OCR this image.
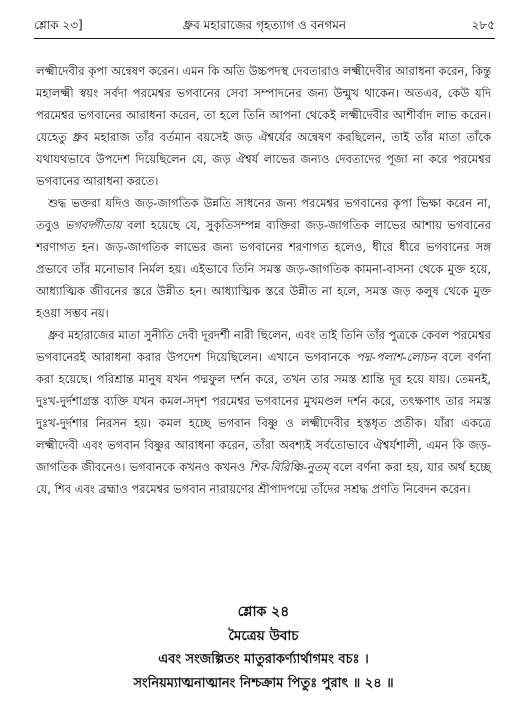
শ্লোক ২৩]	ধ্রুব মহারাজের গৃহত্যাগ ও বনগমন	২৮৫

লক্ষ্মীদেবীর কৃপা অন্বেষণ করেন। এমন কি অতি উচ্চপদস্থ দেবতারাও লক্ষ্মীদেবীর আরাধনা করেন, কিন্তু মহালক্ষ্মী স্বয়ং সর্বদা পরমেশ্বর ভগবানের সেবা সম্পাদনের জন্য উন্মুখ থাকেন। অতএব, কেউ যদি পরমেশ্বর ভগবানের আরাধনা করেন, তা হলে তিনি আপনা থেকেই লক্ষ্মীদেবীর আশীর্বাদ লাভ করেন। যেহেতু ধ্রুব মহারাজ তাঁর বর্তমান বয়সেই জড় ঐশ্বর্যের অন্বেষণ করছিলেন, তাই তাঁর মাতা তাঁকে যথাযথভাবে উপদেশ দিয়েছিলেন যে, জড় ঐশ্বর্য লাভের জন্যও দেবতাদের পূজা না করে পরমেশ্বর ভগবানের আরাধনা করতে।

শুদ্ধ ভক্তরা যদিও জড়-জাগতিক উন্নতি সাধনের জন্য পরমেশ্বর ভগবানের কৃপা ভিক্ষা করেন না, তবুও ভগবদ্গীতায় বলা হয়েছে যে, সুকৃতিসম্পন্ন ব্যক্তিরা জড়-জাগতিক লাভের আশায় ভগবানের শরণাগত হন। জড়-জাগতিক লাভের জন্য ভগবানের শরণাগত হলেও, ধীরে ধীরে ভগবানের সঙ্গ প্রভাবে তাঁর মনোভাব নির্মল হয়। এইভাবে তিনি সমস্ত জড়-জাগতিক কামনা-বাসনা থেকে মুক্ত হয়ে, আধ্যাত্মিক জীবনের স্তরে উন্নীত হন। আধ্যাত্মিক স্তরে উন্নীত না হলে, সমস্ত জড় কলুষ থেকে মুক্ত হওয়া সম্ভব নয়।

ধ্রুব মহারাজের মাতা সুনীতি দেবী দূরদর্শী নারী ছিলেন, এবং তাই তিনি তাঁর পুত্রকে কেবল পরমেশ্বর ভগবানেরই আরাধনা করার উপদেশ দিয়েছিলেন। এখানে ভগবানকে পদ্ম-পলাশ-লোচন বলে বর্ণনা করা হয়েছে। পরিশ্রান্ত মানুষ যখন পদ্মফুল দর্শন করে, তখন তার সমস্ত শ্রান্তি দূর হয়ে যায়। তেমনই, দুঃখ-দুর্দশাগ্রস্ত ব্যক্তি যখন কমল-সদৃশ পরমেশ্বর ভগবানের মুখমণ্ডল দর্শন করে, তৎক্ষণাৎ তার সমস্ত দুঃখ-দুর্দশার নিরসন হয়। কমল হচ্ছে ভগবান বিষ্ণু ও লক্ষ্মীদেবীর হস্তধৃত প্রতীক। যাঁরা একত্রে লক্ষ্মীদেবী এবং ভগবান বিষ্ণুর আরাধনা করেন, তাঁরা অবশ্যই সর্বতোভাবে ঐশ্বর্যশালী, এমন কি জড়-জাগতিক জীবনেও। ভগবানকে কখনও কখনও শিব-বিরিঞ্চি-নুতম্‌ বলে বর্ণনা করা হয়, যার অর্থ হচ্ছে যে, শিব এবং ব্রহ্মাও পরমেশ্বর ভগবান নারায়ণের শ্রীপাদপদ্মে তাঁদের সশ্রদ্ধ প্রণতি নিবেদন করেন।

শ্লোক ২৪
মৈত্রেয় উবাচ
এবং সংজল্পিতং মাতুরাকর্ণ্যার্থাগমং বচঃ ।
সংনিয়ম্যাত্মনাত্মানং নিশ্চক্রাম পিতুঃ পুরাৎ ॥ ২৪ ॥
